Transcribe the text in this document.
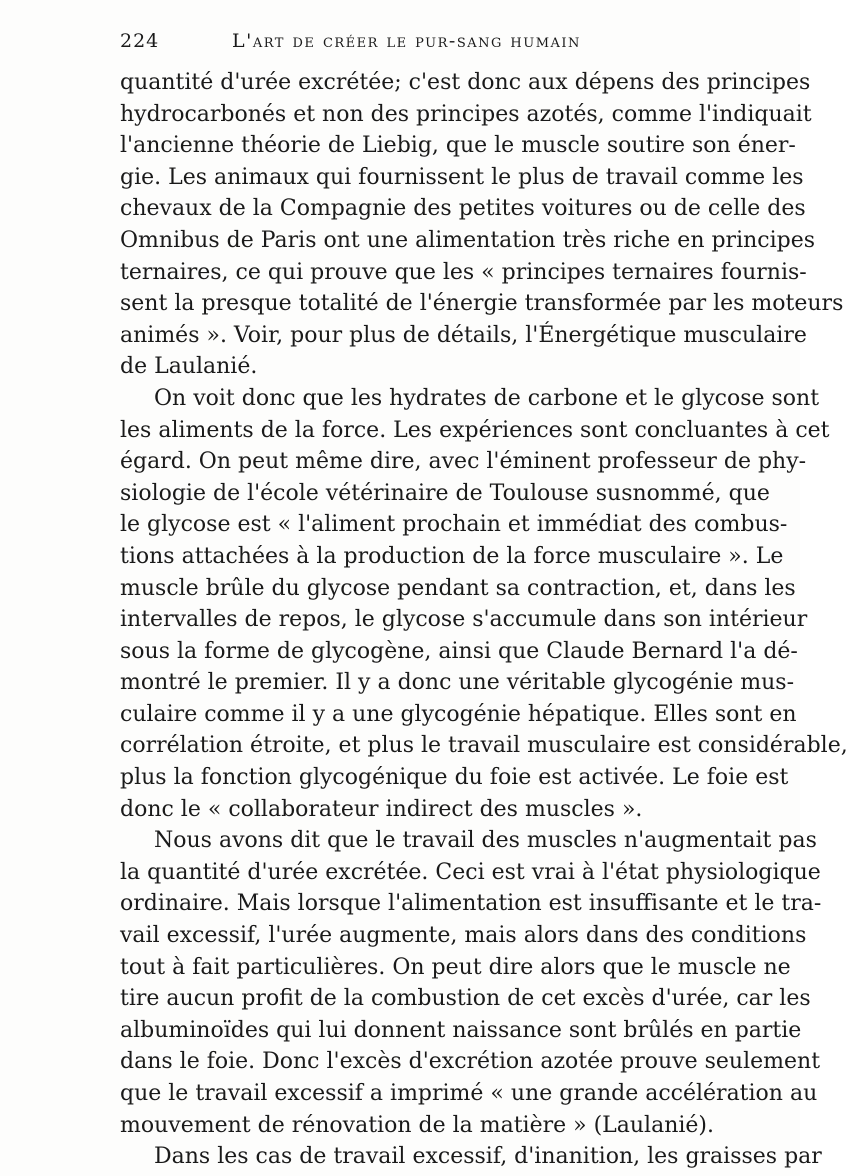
224	L'art de créer le pur-sang humain
quantité d'urée excrétée; c'est donc aux dépens des principes
hydrocarbonés et non des principes azotés, comme l'indiquait
l'ancienne théorie de Liebig, que le muscle soutire son éner-
gie. Les animaux qui fournissent le plus de travail comme les
chevaux de la Compagnie des petites voitures ou de celle des
Omnibus de Paris ont une alimentation très riche en principes
ternaires, ce qui prouve que les « principes ternaires fournis-
sent la presque totalité de l'énergie transformée par les moteurs
animés ». Voir, pour plus de détails, l'Énergétique musculaire
de Laulanié.
On voit donc que les hydrates de carbone et le glycose sont
les aliments de la force. Les expériences sont concluantes à cet
égard. On peut même dire, avec l'éminent professeur de phy-
siologie de l'école vétérinaire de Toulouse susnommé, que
le glycose est « l'aliment prochain et immédiat des combus-
tions attachées à la production de la force musculaire ». Le
muscle brûle du glycose pendant sa contraction, et, dans les
intervalles de repos, le glycose s'accumule dans son intérieur
sous la forme de glycogène, ainsi que Claude Bernard l'a dé-
montré le premier. Il y a donc une véritable glycogénie mus-
culaire comme il y a une glycogénie hépatique. Elles sont en
corrélation étroite, et plus le travail musculaire est considérable,
plus la fonction glycogénique du foie est activée. Le foie est
donc le « collaborateur indirect des muscles ».
Nous avons dit que le travail des muscles n'augmentait pas
la quantité d'urée excrétée. Ceci est vrai à l'état physiologique
ordinaire. Mais lorsque l'alimentation est insuffisante et le tra-
vail excessif, l'urée augmente, mais alors dans des conditions
tout à fait particulières. On peut dire alors que le muscle ne
tire aucun profit de la combustion de cet excès d'urée, car les
albuminoïdes qui lui donnent naissance sont brûlés en partie
dans le foie. Donc l'excès d'excrétion azotée prouve seulement
que le travail excessif a imprimé « une grande accélération au
mouvement de rénovation de la matière » (Laulanié).
Dans les cas de travail excessif, d'inanition, les graisses par
